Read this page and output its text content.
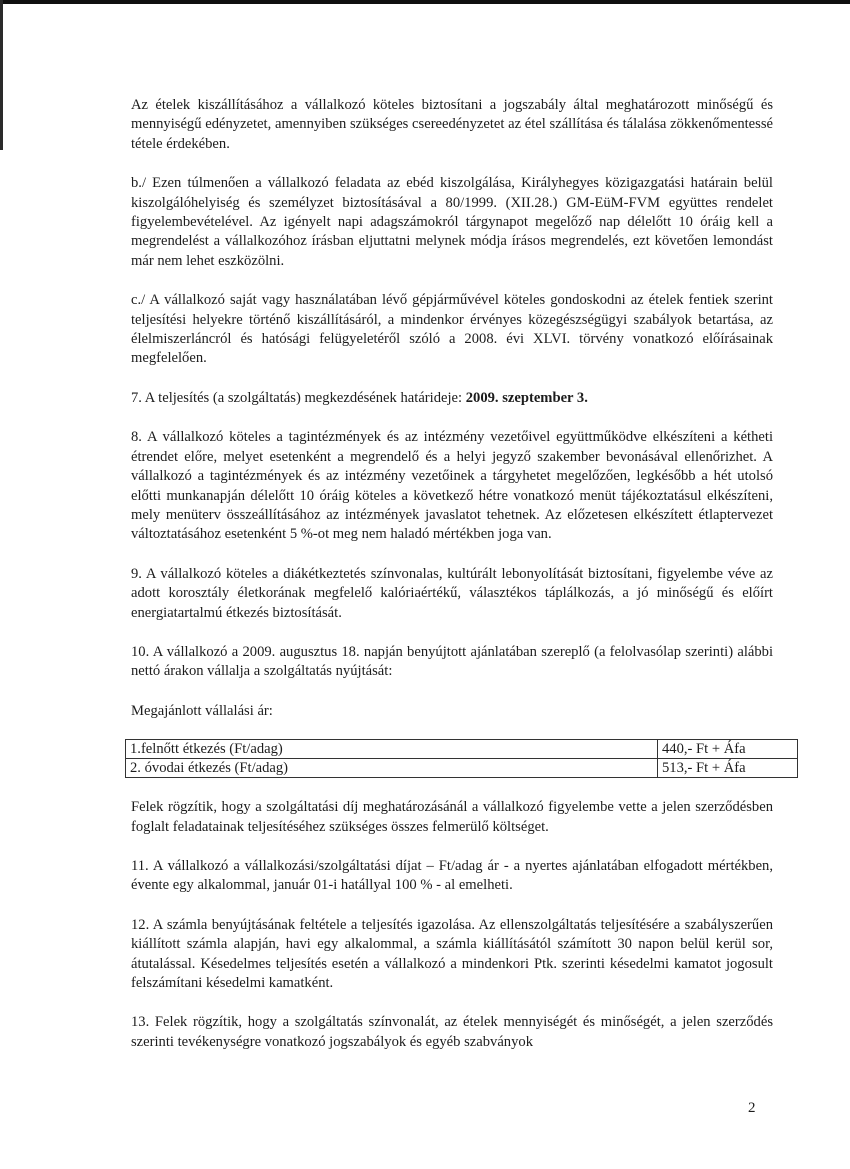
Az ételek kiszállításához a vállalkozó köteles biztosítani a jogszabály által meghatározott minőségű és mennyiségű edényzetet, amennyiben szükséges csereedényzetet az étel szállítása és tálalása zökkenőmentessé tétele érdekében.

b./ Ezen túlmenően a vállalkozó feladata az ebéd kiszolgálása, Királyhegyes közigazgatási határain belül kiszolgálóhelyiség és személyzet biztosításával a 80/1999. (XII.28.) GM-EüM-FVM együttes rendelet figyelembevételével. Az igényelt napi adagszámokról tárgynapot megelőző nap délelőtt 10 óráig kell a megrendelést a vállalkozóhoz írásban eljuttatni melynek módja írásos megrendelés, ezt követően lemondást már nem lehet eszközölni.

c./ A vállalkozó saját vagy használatában lévő gépjárművével köteles gondoskodni az ételek fentiek szerint teljesítési helyekre történő kiszállításáról, a mindenkor érvényes közegészségügyi szabályok betartása, az élelmiszerláncról és hatósági felügyeletéről szóló a 2008. évi XLVI. törvény vonatkozó előírásainak megfelelően.

7. A teljesítés (a szolgáltatás) megkezdésének határideje: 2009. szeptember 3.

8. A vállalkozó köteles a tagintézmények és az intézmény vezetőivel együttműködve elkészíteni a kétheti étrendet előre, melyet esetenként a megrendelő és a helyi jegyző szakember bevonásával ellenőrizhet. A vállalkozó a tagintézmények és az intézmény vezetőinek a tárgyhetet megelőzően, legkésőbb a hét utolsó előtti munkanapján délelőtt 10 óráig köteles a következő hétre vonatkozó menüt tájékoztatásul elkészíteni, mely menüterv összeállításához az intézmények javaslatot tehetnek. Az előzetesen elkészített étlaptervezet változtatásához esetenként 5 %-ot meg nem haladó mértékben joga van.

9. A vállalkozó köteles a diákétkeztetés színvonalas, kultúrált lebonyolítását biztosítani, figyelembe véve az adott korosztály életkorának megfelelő kalóriaértékű, választékos táplálkozás, a jó minőségű és előírt energiatartalmú étkezés biztosítását.

10. A vállalkozó a 2009. augusztus 18. napján benyújtott ajánlatában szereplő (a felolvasólap szerinti) alábbi nettó árakon vállalja a szolgáltatás nyújtását:

Megajánlott vállalási ár:

1.felnőtt étkezés (Ft/adag)	440,- Ft + Áfa
2. óvodai étkezés (Ft/adag)	513,- Ft + Áfa

Felek rögzítik, hogy a szolgáltatási díj meghatározásánál a vállalkozó figyelembe vette a jelen szerződésben foglalt feladatainak teljesítéséhez szükséges összes felmerülő költséget.

11. A vállalkozó a vállalkozási/szolgáltatási díjat – Ft/adag ár - a nyertes ajánlatában elfogadott mértékben, évente egy alkalommal, január 01-i hatállyal 100 % - al emelheti.

12. A számla benyújtásának feltétele a teljesítés igazolása. Az ellenszolgáltatás teljesítésére a szabályszerűen kiállított számla alapján, havi egy alkalommal, a számla kiállításától számított 30 napon belül kerül sor, átutalással. Késedelmes teljesítés esetén a vállalkozó a mindenkori Ptk. szerinti késedelmi kamatot jogosult felszámítani késedelmi kamatként.

13. Felek rögzítik, hogy a szolgáltatás színvonalát, az ételek mennyiségét és minőségét, a jelen szerződés szerinti tevékenységre vonatkozó jogszabályok és egyéb szabványok

2
